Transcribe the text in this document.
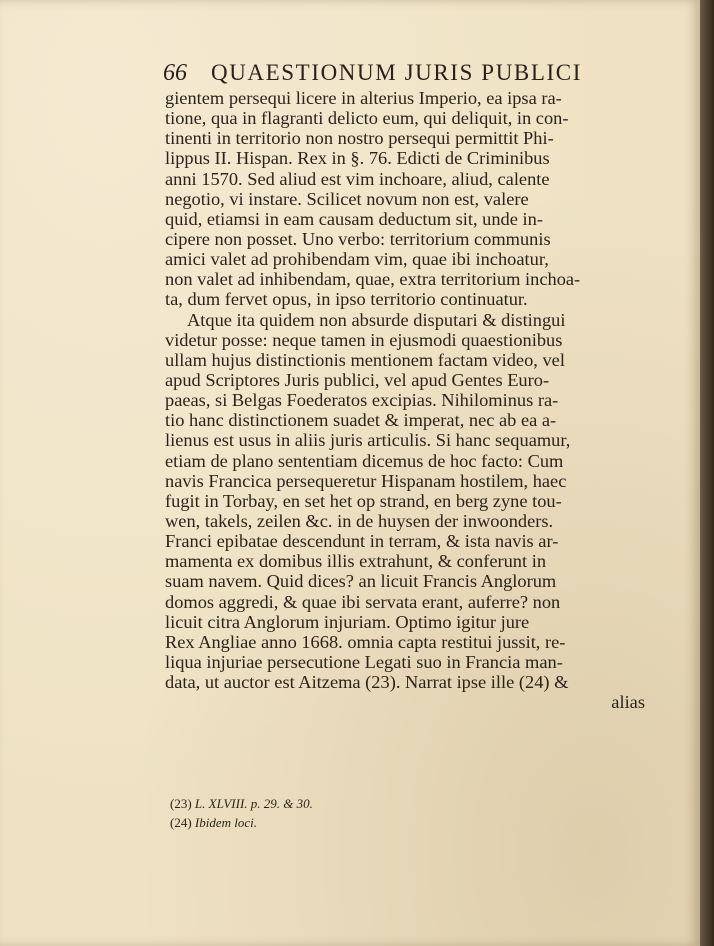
66 QUAESTIONUM JURIS PUBLICI
gientem persequi licere in alterius Imperio, ea ipsa ra-
tione, qua in flagranti delicto eum, qui deliquit, in con-
tinenti in territorio non nostro persequi permittit Phi-
lippus II. Hispan. Rex in §. 76. Edicti de Criminibus
anni 1570. Sed aliud est vim inchoare, aliud, calente
negotio, vi instare. Scilicet novum non est, valere
quid, etiamsi in eam causam deductum sit, unde in-
cipere non posset. Uno verbo: territorium communis
amici valet ad prohibendam vim, quae ibi inchoatur,
non valet ad inhibendam, quae, extra territorium inchoa-
ta, dum fervet opus, in ipso territorio continuatur.
Atque ita quidem non absurde disputari & distingui
videtur posse: neque tamen in ejusmodi quaestionibus
ullam hujus distinctionis mentionem factam video, vel
apud Scriptores Juris publici, vel apud Gentes Euro-
paeas, si Belgas Foederatos excipias. Nihilominus ra-
tio hanc distinctionem suadet & imperat, nec ab ea a-
lienus est usus in aliis juris articulis. Si hanc sequamur,
etiam de plano sententiam dicemus de hoc facto: Cum
navis Francica persequeretur Hispanam hostilem, haec
fugit in Torbay, en set het op strand, en berg zyne tou-
wen, takels, zeilen &c. in de huysen der inwoonders.
Franci epibatae descendunt in terram, & ista navis ar-
mamenta ex domibus illis extrahunt, & conferunt in
suam navem. Quid dices? an licuit Francis Anglorum
domos aggredi, & quae ibi servata erant, auferre? non
licuit citra Anglorum injuriam. Optimo igitur jure
Rex Angliae anno 1668. omnia capta restitui jussit, re-
liqua injuriae persecutione Legati suo in Francia man-
data, ut auctor est Aitzema (23). Narrat ipse ille (24) &
alias
(23) L. XLVIII. p. 29. & 30.
(24) Ibidem loci.
